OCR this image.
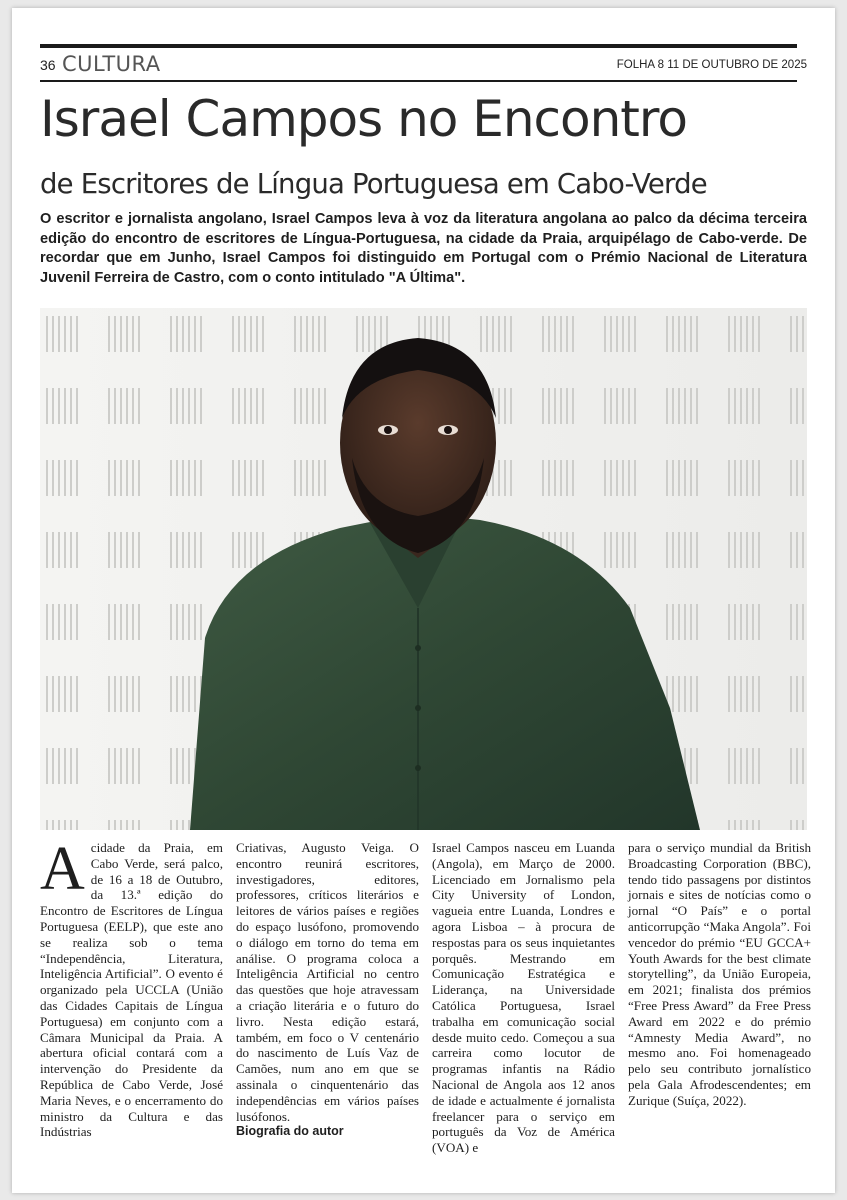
36 CULTURA	FOLHA 8 11 DE OUTUBRO DE 2025
Israel Campos no Encontro
de Escritores de Língua Portuguesa em Cabo-Verde
O escritor e jornalista angolano, Israel Campos leva à voz da literatura angolana ao palco da décima terceira edição do encontro de escritores de Língua-Portuguesa, na cidade da Praia, arquipélago de Cabo-verde. De recordar que em Junho, Israel Campos foi distinguido em Portugal com o Prémio Nacional de Literatura Juvenil Ferreira de Castro, com o conto intitulado "A Última".
A cidade da Praia, em Cabo Verde, será palco, de 16 a 18 de Outubro, da 13.ª edição do Encontro de Escritores de Língua Portuguesa (EELP), que este ano se realiza sob o tema “Independência, Literatura, Inteligência Artificial”. O evento é organizado pela UCCLA (União das Cidades Capitais de Língua Portuguesa) em conjunto com a Câmara Municipal da Praia. A abertura oficial contará com a intervenção do Presidente da República de Cabo Verde, José Maria Neves, e o encerramento do ministro da Cultura e das Indústrias

Criativas, Augusto Veiga. O encontro reunirá escritores, investigadores, editores, professores, críticos literários e leitores de vários países e regiões do espaço lusófono, promovendo o diálogo em torno do tema em análise. O programa coloca a Inteligência Artificial no centro das questões que hoje atravessam a criação literária e o futuro do livro. Nesta edição estará, também, em foco o V centenário do nascimento de Luís Vaz de Camões, num ano em que se assinala o cinquentenário das independências em vários países lusófonos.

Biografia do autor

Israel Campos nasceu em Luanda (Angola), em Março de 2000. Licenciado em Jornalismo pela City University of London, vagueia entre Luanda, Londres e agora Lisboa – à procura de respostas para os seus inquietantes porquês. Mestrando em Comunicação Estratégica e Liderança, na Universidade Católica Portuguesa, Israel trabalha em comunicação social desde muito cedo. Começou a sua carreira como locutor de programas infantis na Rádio Nacional de Angola aos 12 anos de idade e actualmente é jornalista freelancer para o serviço em português da Voz de América (VOA) e

para o serviço mundial da British Broadcasting Corporation (BBC), tendo tido passagens por distintos jornais e sites de notícias como o jornal “O País” e o portal anticorrupção “Maka Angola”. Foi vencedor do prémio “EU GCCA+ Youth Awards for the best climate storytelling”, da União Europeia, em 2021; finalista dos prémios “Free Press Award” da Free Press Award em 2022 e do prémio “Amnesty Media Award”, no mesmo ano. Foi homenageado pelo seu contributo jornalístico pela Gala Afrodescendentes; em Zurique (Suíça, 2022).
